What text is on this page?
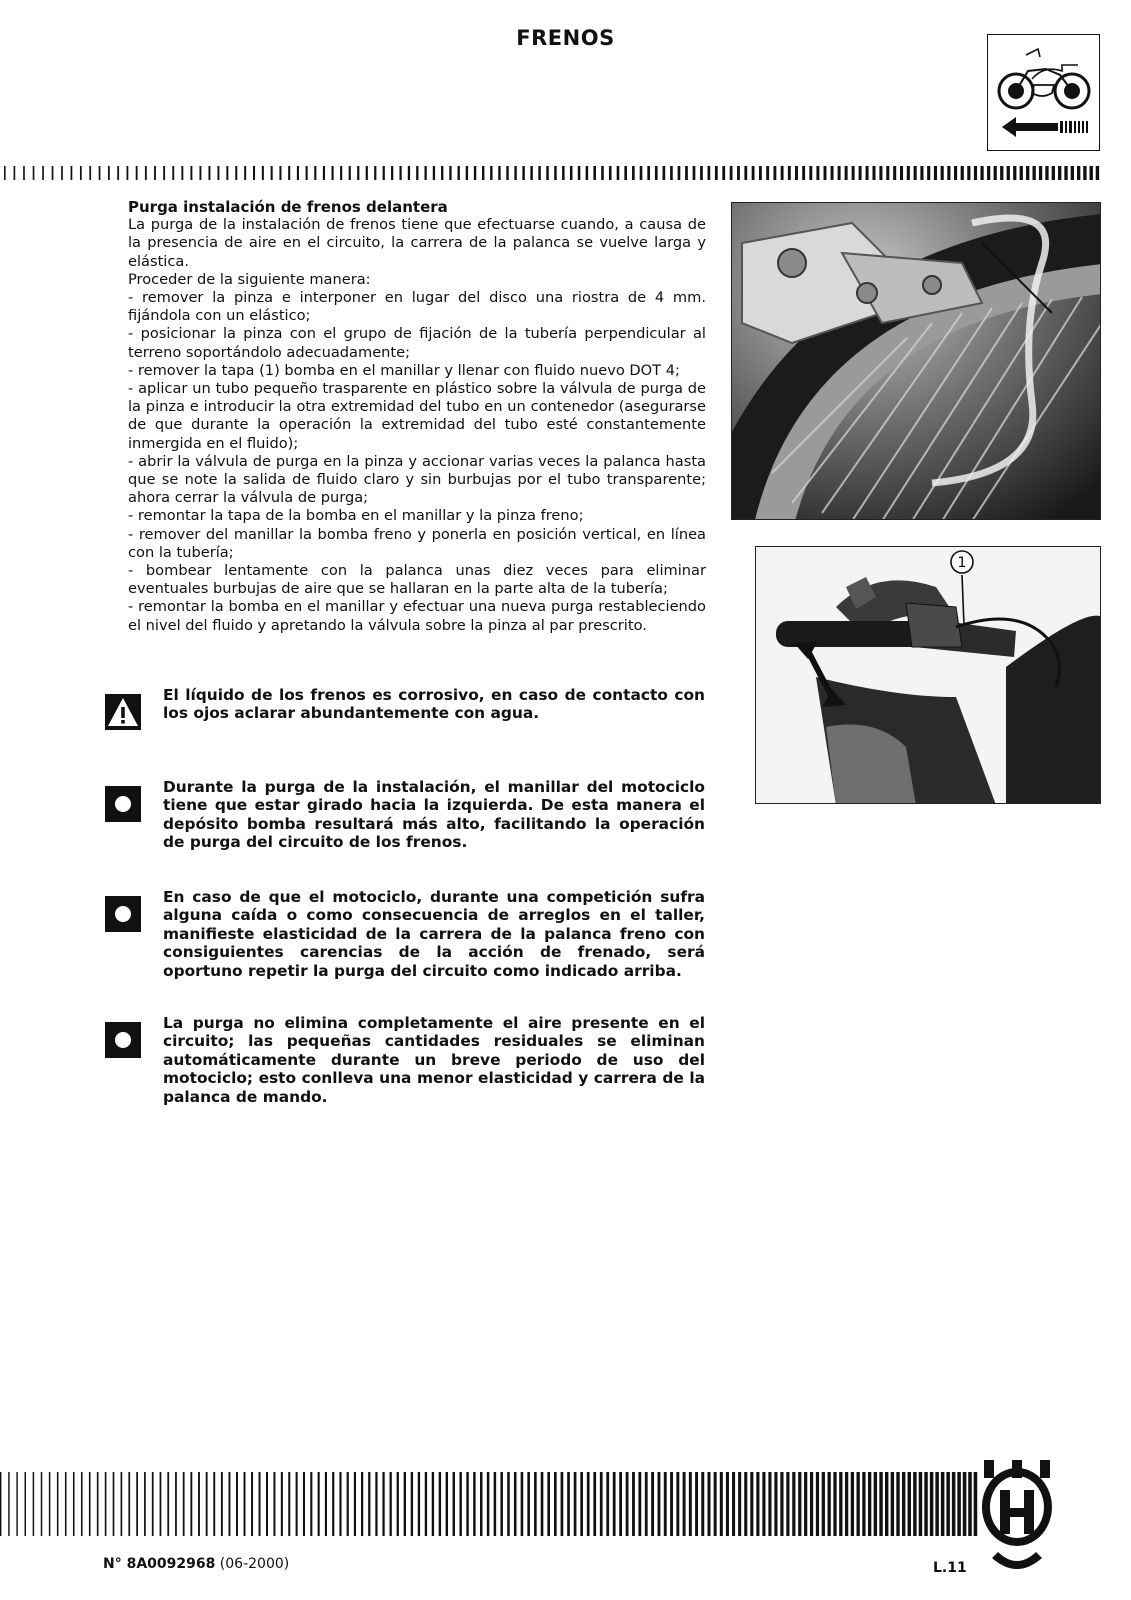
FRENOS

Purga instalación de frenos delantera

La purga de la instalación de frenos tiene que efectuarse cuando, a causa de la presencia de aire en el circuito, la carrera de la palanca se vuelve larga y elástica.

Proceder de la siguiente manera:

- remover la pinza e interponer en lugar del disco una riostra de 4 mm. fijándola con un elástico;
- posicionar la pinza con el grupo de fijación de la tubería perpendicular al terreno soportándolo adecuadamente;
- remover la tapa (1) bomba en el manillar y llenar con fluido nuevo DOT 4;
- aplicar un tubo pequeño trasparente en plástico sobre la válvula de purga de la pinza e introducir la otra extremidad del tubo en un contenedor (asegurarse de que durante la operación la extremidad del tubo esté constantemente inmergida en el fluido);
- abrir la válvula de purga en la pinza y accionar varias veces la palanca hasta que se note la salida de fluido claro y sin burbujas por el tubo transparente; ahora cerrar la válvula de purga;
- remontar la tapa de la bomba en el manillar y la pinza freno;
- remover del manillar la bomba freno y ponerla en posición vertical, en línea con la tubería;
- bombear lentamente con la palanca unas diez veces para eliminar eventuales burbujas de aire que se hallaran en la parte alta de la tubería;
- remontar la bomba en el manillar y efectuar una nueva purga restableciendo el nivel del fluido y apretando la válvula sobre la pinza al par prescrito.
El líquido de los frenos es corrosivo, en caso de contacto con los ojos aclarar abundantemente con agua.
Durante la purga de la instalación, el manillar del motociclo tiene que estar girado hacia la izquierda. De esta manera el depósito bomba resultará más alto, facilitando la operación de purga del circuito de los frenos.
En caso de que el motociclo, durante una competición sufra alguna caída o como consecuencia de arreglos en el taller, manifieste elasticidad de la carrera de la palanca freno con consiguientes carencias de la acción de frenado, será oportuno repetir la purga del circuito como indicado arriba.
La purga no elimina completamente el aire presente en el circuito; las pequeñas cantidades residuales se eliminan automáticamente durante un breve periodo de uso del motociclo; esto conlleva una menor elasticidad y carrera de la palanca de mando.
1
N° 8A0092968 (06-2000)	L.11
